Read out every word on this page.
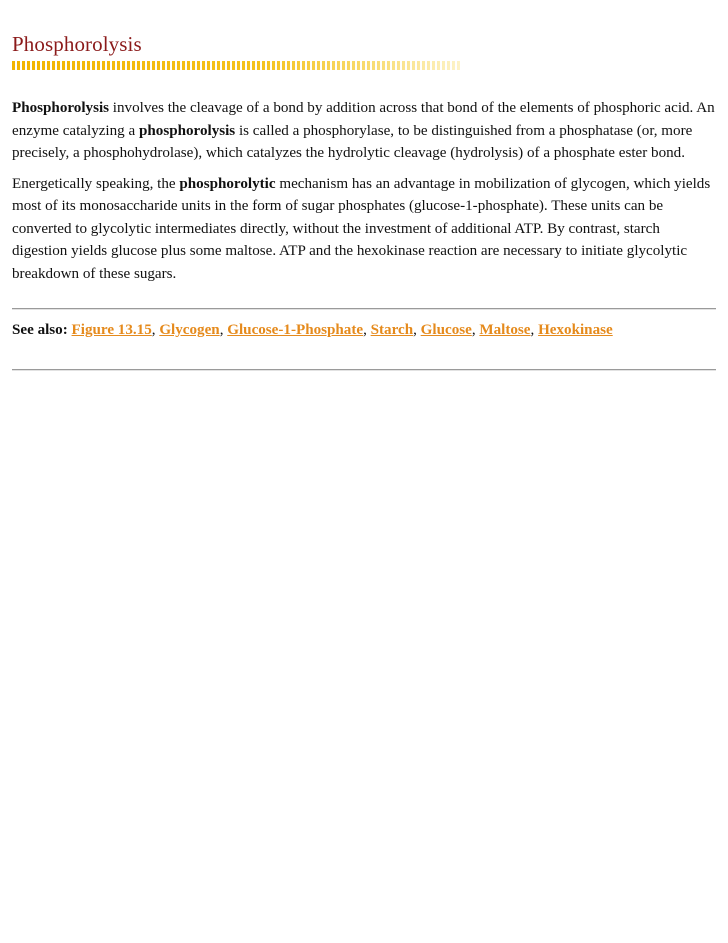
Phosphorolysis

Phosphorolysis involves the cleavage of a bond by addition across that bond of the elements of phosphoric acid. An enzyme catalyzing a phosphorolysis is called a phosphorylase, to be distinguished from a phosphatase (or, more precisely, a phosphohydrolase), which catalyzes the hydrolytic cleavage (hydrolysis) of a phosphate ester bond.

Energetically speaking, the phosphorolytic mechanism has an advantage in mobilization of glycogen, which yields most of its monosaccharide units in the form of sugar phosphates (glucose-1-phosphate). These units can be converted to glycolytic intermediates directly, without the investment of additional ATP. By contrast, starch digestion yields glucose plus some maltose. ATP and the hexokinase reaction are necessary to initiate glycolytic breakdown of these sugars.

See also: Figure 13.15, Glycogen, Glucose-1-Phosphate, Starch, Glucose, Maltose, Hexokinase
